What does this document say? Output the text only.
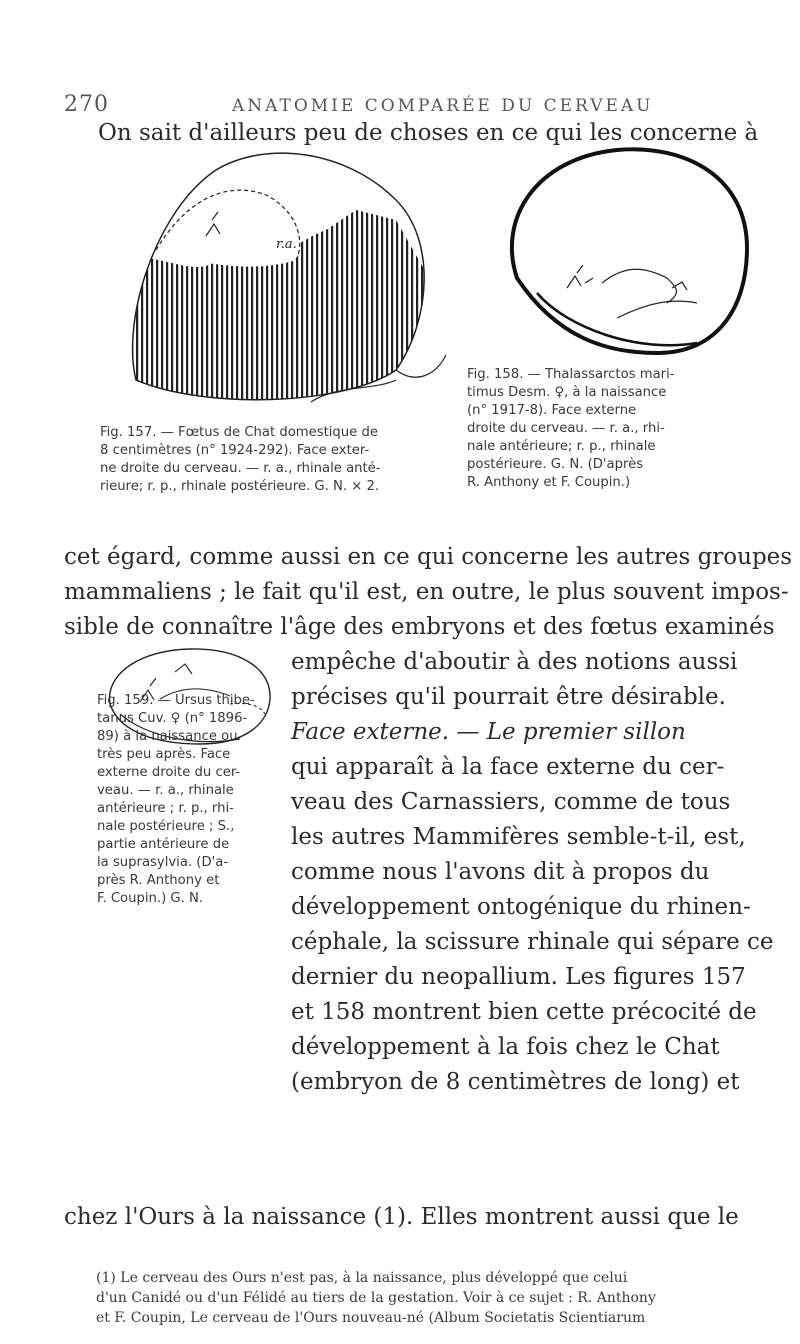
270	ANATOMIE COMPARÉE DU CERVEAU
On sait d'ailleurs peu de choses en ce qui les concerne à
r.a.

Fig. 157. — Fœtus de Chat domestique de

8 centimètres (n° 1924-292). Face exter-

ne droite du cerveau. — r. a., rhinale anté-

rieure; r. p., rhinale postérieure. G. N. × 2.

Fig. 158. — Thalassarctos mari-

timus Desm. ♀, à la naissance

(n° 1917-8). Face externe

droite du cerveau. — r. a., rhi-

nale antérieure; r. p., rhinale

postérieure. G. N. (D'après

R. Anthony et F. Coupin.)

Fig. 159. — Ursus thibe-

tanus Cuv. ♀ (n° 1896-

89) à la naissance ou

très peu après. Face

externe droite du cer-

veau. — r. a., rhinale

antérieure ; r. p., rhi-

nale postérieure ; S.,

partie antérieure de

la suprasylvia. (D'a-

près R. Anthony et

F. Coupin.) G. N.

cet égard, comme aussi en ce qui concerne les autres groupes
mammaliens ; le fait qu'il est, en outre, le plus souvent impos-
sible de connaître l'âge des embryons et des fœtus examinés
empêche d'aboutir à des notions aussi
précises qu'il pourrait être désirable.
Face externe. — Le premier sillon
qui apparaît à la face externe du cer-
veau des Carnassiers, comme de tous
les autres Mammifères semble-t-il, est,
comme nous l'avons dit à propos du
développement ontogénique du rhinen-
céphale, la scissure rhinale qui sépare ce
dernier du neopallium. Les figures 157
et 158 montrent bien cette précocité de
développement à la fois chez le Chat
(embryon de 8 centimètres de long) et
chez l'Ours à la naissance (1). Elles montrent aussi que le

(1) Le cerveau des Ours n'est pas, à la naissance, plus développé que celui

d'un Canidé ou d'un Félidé au tiers de la gestation. Voir à ce sujet : R. Anthony

et F. Coupin, Le cerveau de l'Ours nouveau-né (Album Societatis Scientiarum
